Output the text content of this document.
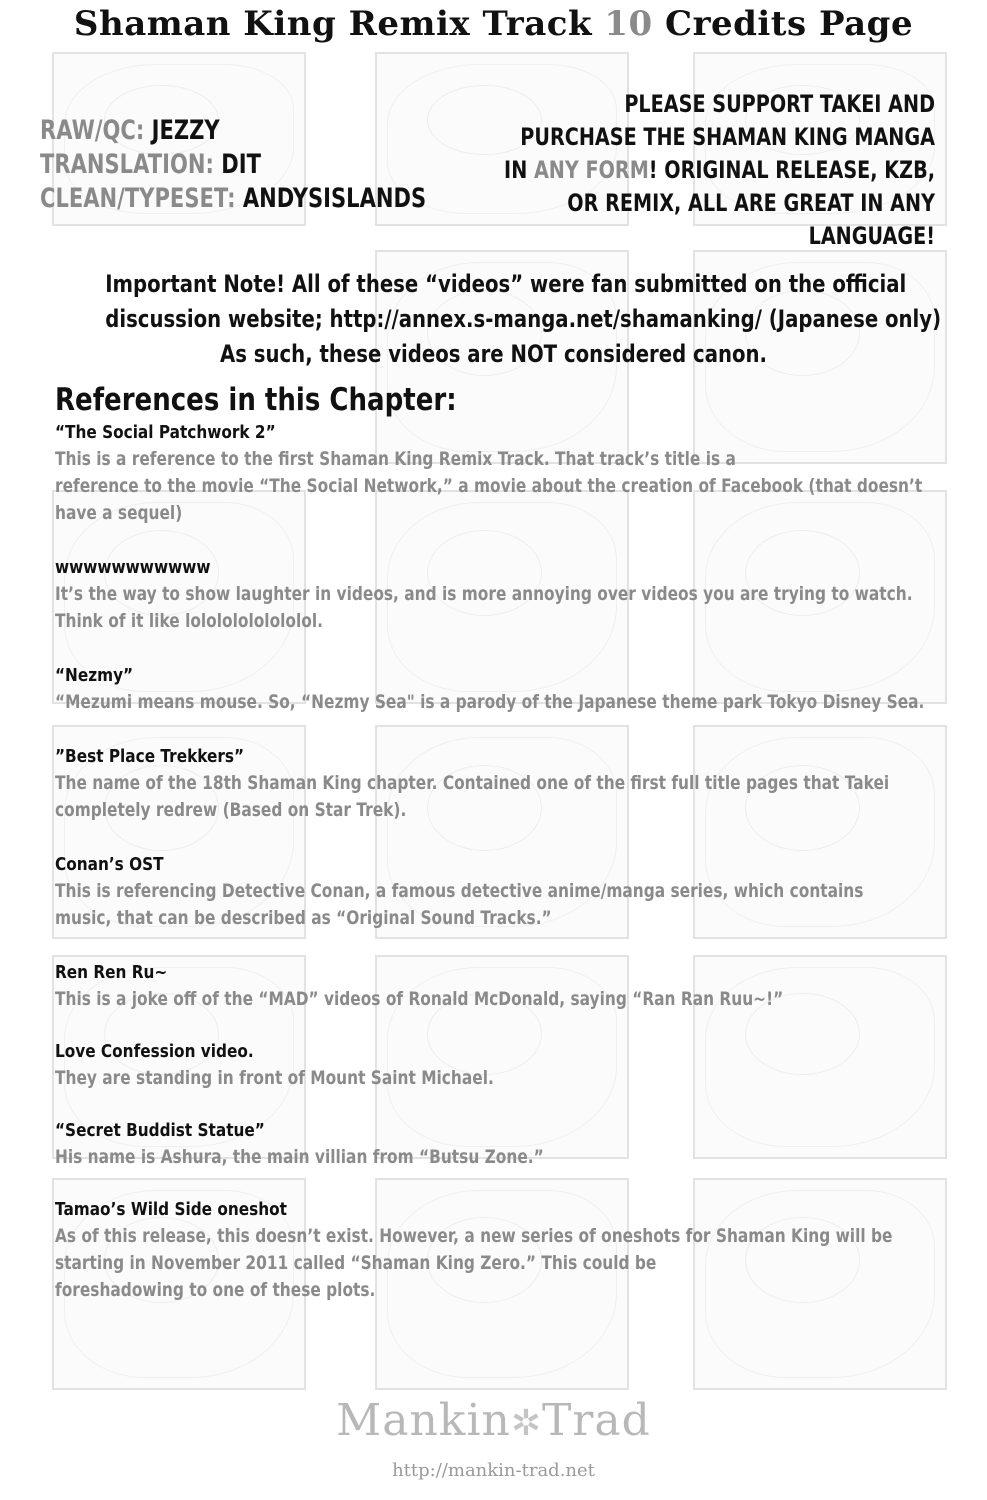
Shaman King Remix Track 10 Credits Page
RAW/QC: JEZZY
TRANSLATION: DIT
CLEAN/TYPESET: ANDYSISLANDS
PLEASE SUPPORT TAKEI AND
PURCHASE THE SHAMAN KING MANGA
IN ANY FORM! ORIGINAL RELEASE, KZB,
OR REMIX, ALL ARE GREAT IN ANY
LANGUAGE!
Important Note! All of these “videos” were fan submitted on the official
discussion website; http://annex.s-manga.net/shamanking/ (Japanese only)
As such, these videos are NOT considered canon.
References in this Chapter:
“The Social Patchwork 2”
This is a reference to the first Shaman King Remix Track. That track’s title is a
reference to the movie “The Social Network,” a movie about the creation of Facebook (that doesn’t
have a sequel)
wwwwwwwwwww
It’s the way to show laughter in videos, and is more annoying over videos you are trying to watch.
Think of it like lolololololololol.
“Nezmy”
“Mezumi means mouse. So, “Nezmy Sea" is a parody of the Japanese theme park Tokyo Disney Sea.
”Best Place Trekkers”
The name of the 18th Shaman King chapter. Contained one of the first full title pages that Takei
completely redrew (Based on Star Trek).
Conan’s OST
This is referencing Detective Conan, a famous detective anime/manga series, which contains
music, that can be described as “Original Sound Tracks.”
Ren Ren Ru~
This is a joke off of the “MAD” videos of Ronald McDonald, saying “Ran Ran Ruu~!”
Love Confession video.
They are standing in front of Mount Saint Michael.
“Secret Buddist Statue”
His name is Ashura, the main villian from “Butsu Zone.”
Tamao’s Wild Side oneshot
As of this release, this doesn’t exist. However, a new series of oneshots for Shaman King will be
starting in November 2011 called “Shaman King Zero.” This could be
foreshadowing to one of these plots.
Mankin✲Trad
http://mankin-trad.net
